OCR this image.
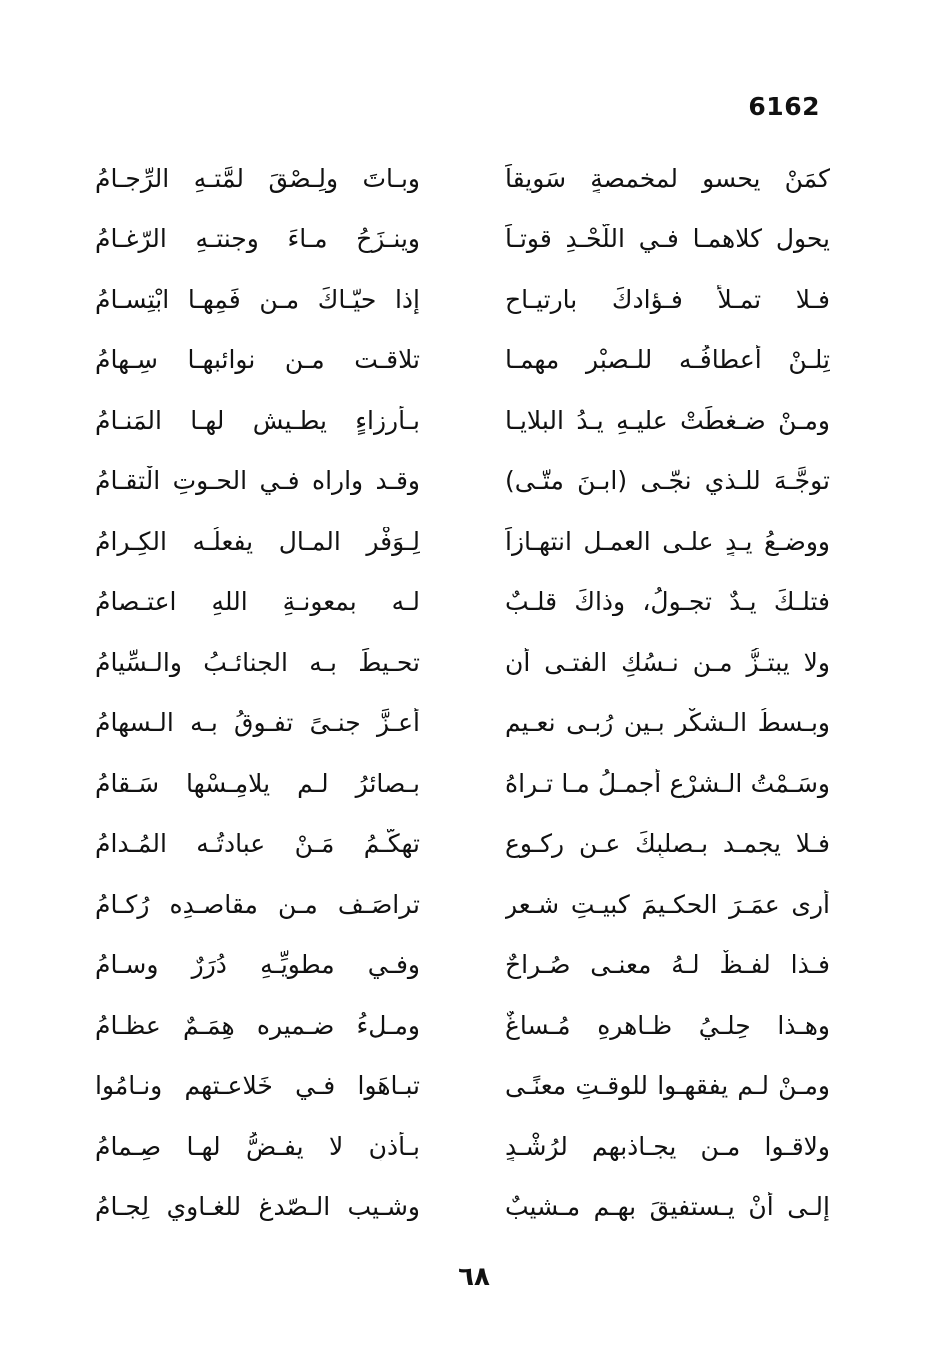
6162
كمَنْ يحسو لمخمصةٍ سَويقاً
وبـاتَ ولِـصْقَ لمَّتـهِ الرِّجـامُ
يحول كلاهمـا فـي اللَّحْـدِ قوتـاً
وينـزَحُ مـاءَ وجنتـهِ الرّغـامُ
فـلا تمـلأْ فـؤادكَ بارتيـاحِ
إذا حيّـاكَ مـن فَمِهـا ابْتِسـامُ
تِلـنْ أعطافُـه للـصبْرِ مهمـا
تلاقـت مـن نوائبهـا سِـهامُ
ومـنْ ضـغطَتْ عليـهِ يـدُ البلايـا
بـأرزاءٍ يطـيش لهـا المَنـامُ
توجَّـهَ للـذي نجّـى (ابـنَ متّـى)
وقـد واراه فـي الحـوتِ الْتقـامُ
ووضـعُ يـدٍ علـى العمـلِ انتهـازاً
لِـوَفْرِ المـالِ يفعلُـه الكِـرامُ
فتلـكَ يـدٌ تجـولُ، وذاكَ قلـبٌ
لـه بمعونـةِ اللهِ اعتـصامُ
ولا يبتـزُّ مـن نـسُكِ الفتـى أن
تحـيطَ بـه الجنائـبُ والـسِّيامُ
وبـسطُ الـشكْرِ بـين رُبـى نعـيمٍ
أعـزَّ جنـىً تفـوقُ بـه الـسهامُ
وسَـمْتُ الـشرْعِ أجمـلُ مـا تـراهُ
بـصائرُ لـم يلامِـسْها سَـقامُ
فـلا يجمـد بـصلبِكَ عـن ركـوعٍ
تهكّـمُ مَـنْ عبادتُـه المُـدامُ
أرى عمَـرَ الحكـيمَ كبيـتِ شـعرٍ
تراصَـف مـن مقاصـدِه رُكـامُ
فـذا لفـظٌ لـهُ معنـى صُـراحٌ
وفـي مطويِّـهِ دُرَرٌ وِسـامُ
وهـذا حِلـيُ ظـاهرِهِ مُـساغٌ
ومـلءُ ضـميره هِمَـمٌ عظـامُ
ومـنْ لـم يفقهـوا للوقـتِ معنًـى
تبـاهَوا فـي خَلاعـتهم ونـامُوا
ولاقـوا مـن يجـاذبهم لرُشْـدٍ
بـأذنٍ لا يفـضُّ لهـا صِـمامُ
إلـى أنْ يـستفيقَ بهـم مـشيبٌ
وشـيب الـصّدغ للغـاوي لِجـامُ
٦٨
